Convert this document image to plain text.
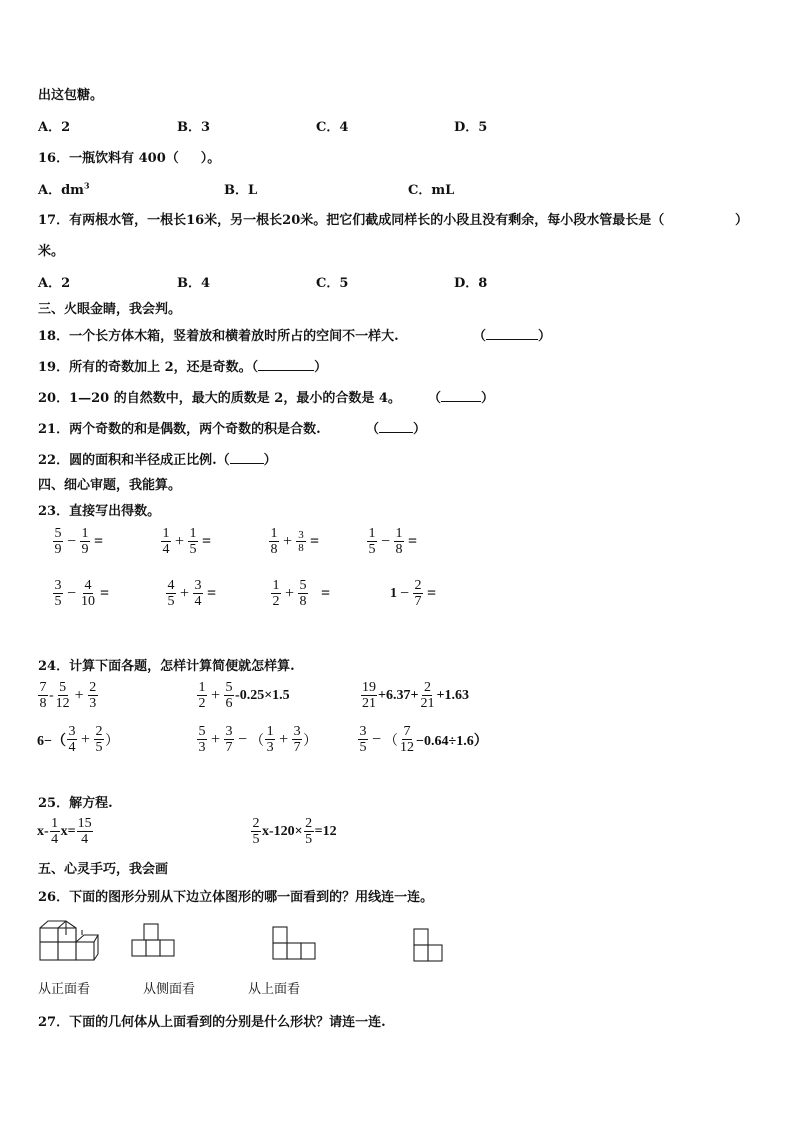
出这包糖。
A．2	B．3	C．4	D．5
16．一瓶饮料有 400（ ）。
A．$dm^3$	B．L	C．mL
17．有两根水管，一根长16米，另一根长20米。把它们截成同样长的小段且没有剩余，每小段水管最长是（	）
米。
A．2	B．4	C．5	D．8
三、火眼金睛，我会判。
18．一个长方体木箱，竖着放和横着放时所占的空间不一样大.	（	）
19．所有的奇数加上 2，还是奇数。（	）
20．1—20 的自然数中，最大的质数是 2，最小的合数是 4。 （	）
21．两个奇数的和是偶数，两个奇数的积是合数.	（	）
22．圆的面积和半径成正比例.（	）
四、细心审题，我能算。
23．直接写出得数。
$\frac{5}{9} - \frac{1}{9}$ =	$\frac{1}{4} + \frac{1}{5}$ =	$\frac{1}{8} + \frac{3}{8}$ =	$\frac{1}{5} - \frac{1}{8}$ =
$\frac{3}{5} - \frac{4}{10}$ =	$\frac{4}{5} + \frac{3}{4}$ =	$\frac{1}{2} + \frac{5}{8}$ =	$1 - \frac{2}{7}$ =
24．计算下面各题，怎样计算简便就怎样算.
$\frac{7}{8} - \frac{5}{12} + \frac{2}{3}$	$\frac{1}{2} + \frac{5}{6} -0.25\times 1.5$	$\frac{19}{21} +6.37+ \frac{2}{21} +1.63$
$6-( \frac{3}{4} + \frac{2}{5}$ ）	$\frac{5}{3} + \frac{3}{7}$ − （ $\frac{1}{3} + \frac{3}{7}$ ）	$\frac{3}{5}$ − （ $\frac{7}{12} -0.64\div 1.6$）
25．解方程.
$x- \frac{1}{4} x= \frac{15}{4}$	$\frac{2}{5} x-120\times \frac{2}{5} =12$
五、心灵手巧，我会画
26．下面的图形分别从下边立体图形的哪一面看到的？用线连一连。
从正面看	从侧面看	从上面看
27．下面的几何体从上面看到的分别是什么形状？请连一连.
